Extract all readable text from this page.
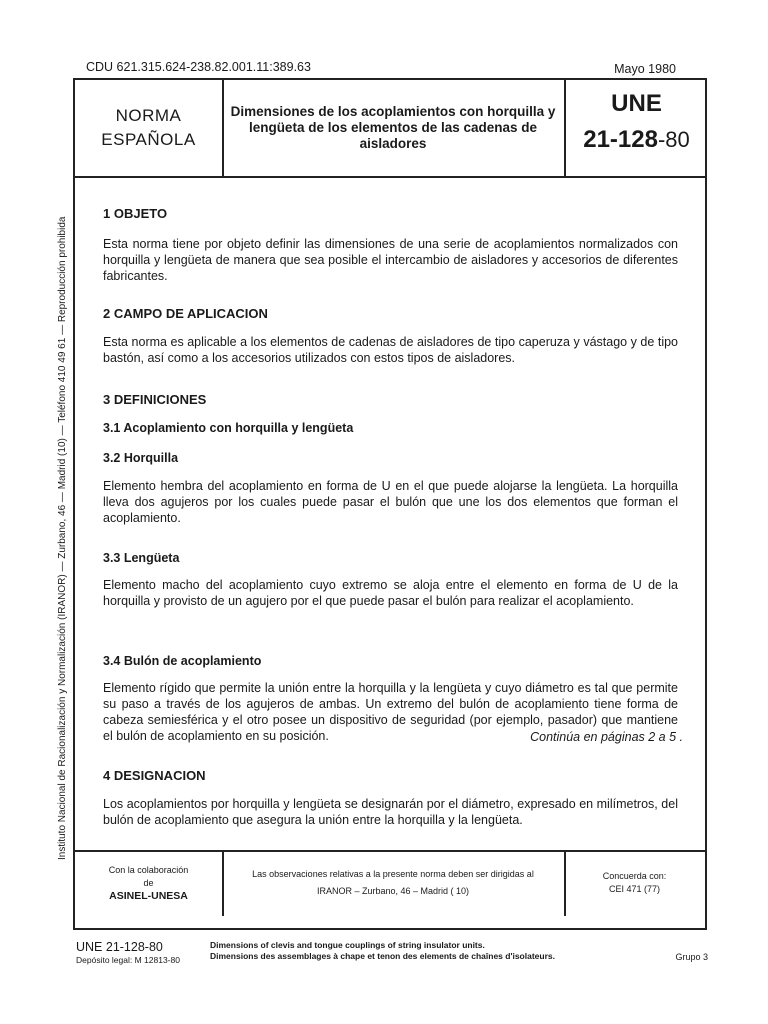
CDU 621.315.624-238.82.001.11:389.63	Mayo 1980
Instituto Nacional de Racionalización y Normalización (IRANOR) — Zurbano, 46 — Madrid (10) — Teléfono 410 49 61 — Reproducción prohibida
NORMA
ESPAÑOLA
Dimensiones de los acoplamientos con horquilla y lengüeta de los elementos de las cadenas de aisladores
UNE
21-128-80
1 OBJETO

Esta norma tiene por objeto definir las dimensiones de una serie de acoplamientos normalizados con horquilla y lengüeta de manera que sea posible el intercambio de aisladores y accesorios de diferentes fabricantes.

2 CAMPO DE APLICACION

Esta norma es aplicable a los elementos de cadenas de aisladores de tipo caperuza y vástago y de tipo bastón, así como a los accesorios utilizados con estos tipos de aisladores.

3 DEFINICIONES
3.1 Acoplamiento con horquilla y lengüeta
3.2 Horquilla

Elemento hembra del acoplamiento en forma de U en el que puede alojarse la lengüeta. La horquilla lleva dos agujeros por los cuales puede pasar el bulón que une los dos elementos que forman el acoplamiento.

3.3 Lengüeta

Elemento macho del acoplamiento cuyo extremo se aloja entre el elemento en forma de U de la horquilla y provisto de un agujero por el que puede pasar el bulón para realizar el acoplamiento.

3.4 Bulón de acoplamiento

Elemento rígido que permite la unión entre la horquilla y la lengüeta y cuyo diámetro es tal que permite su paso a través de los agujeros de ambas. Un extremo del bulón de acoplamiento tiene forma de cabeza semiesférica y el otro posee un dispositivo de seguridad (por ejemplo, pasador) que mantiene el bulón de acoplamiento en su posición.

4 DESIGNACION

Los acoplamientos por horquilla y lengüeta se designarán por el diámetro, expresado en milímetros, del bulón de acoplamiento que asegura la unión entre la horquilla y la lengüeta.

Continúa en páginas 2 a 5 .
Con la colaboración
de
ASINEL-UNESA
Las observaciones relativas a la presente norma deben ser dirigidas al
IRANOR – Zurbano, 46 – Madrid ( 10)
Concuerda con:
CEI 471 (77)
UNE 21-128-80
Depósito legal: M 12813-80
Dimensions of clevis and tongue couplings of string insulator units.
Dimensions des assemblages à chape et tenon des elements de chaînes d'isolateurs.	Grupo 3
